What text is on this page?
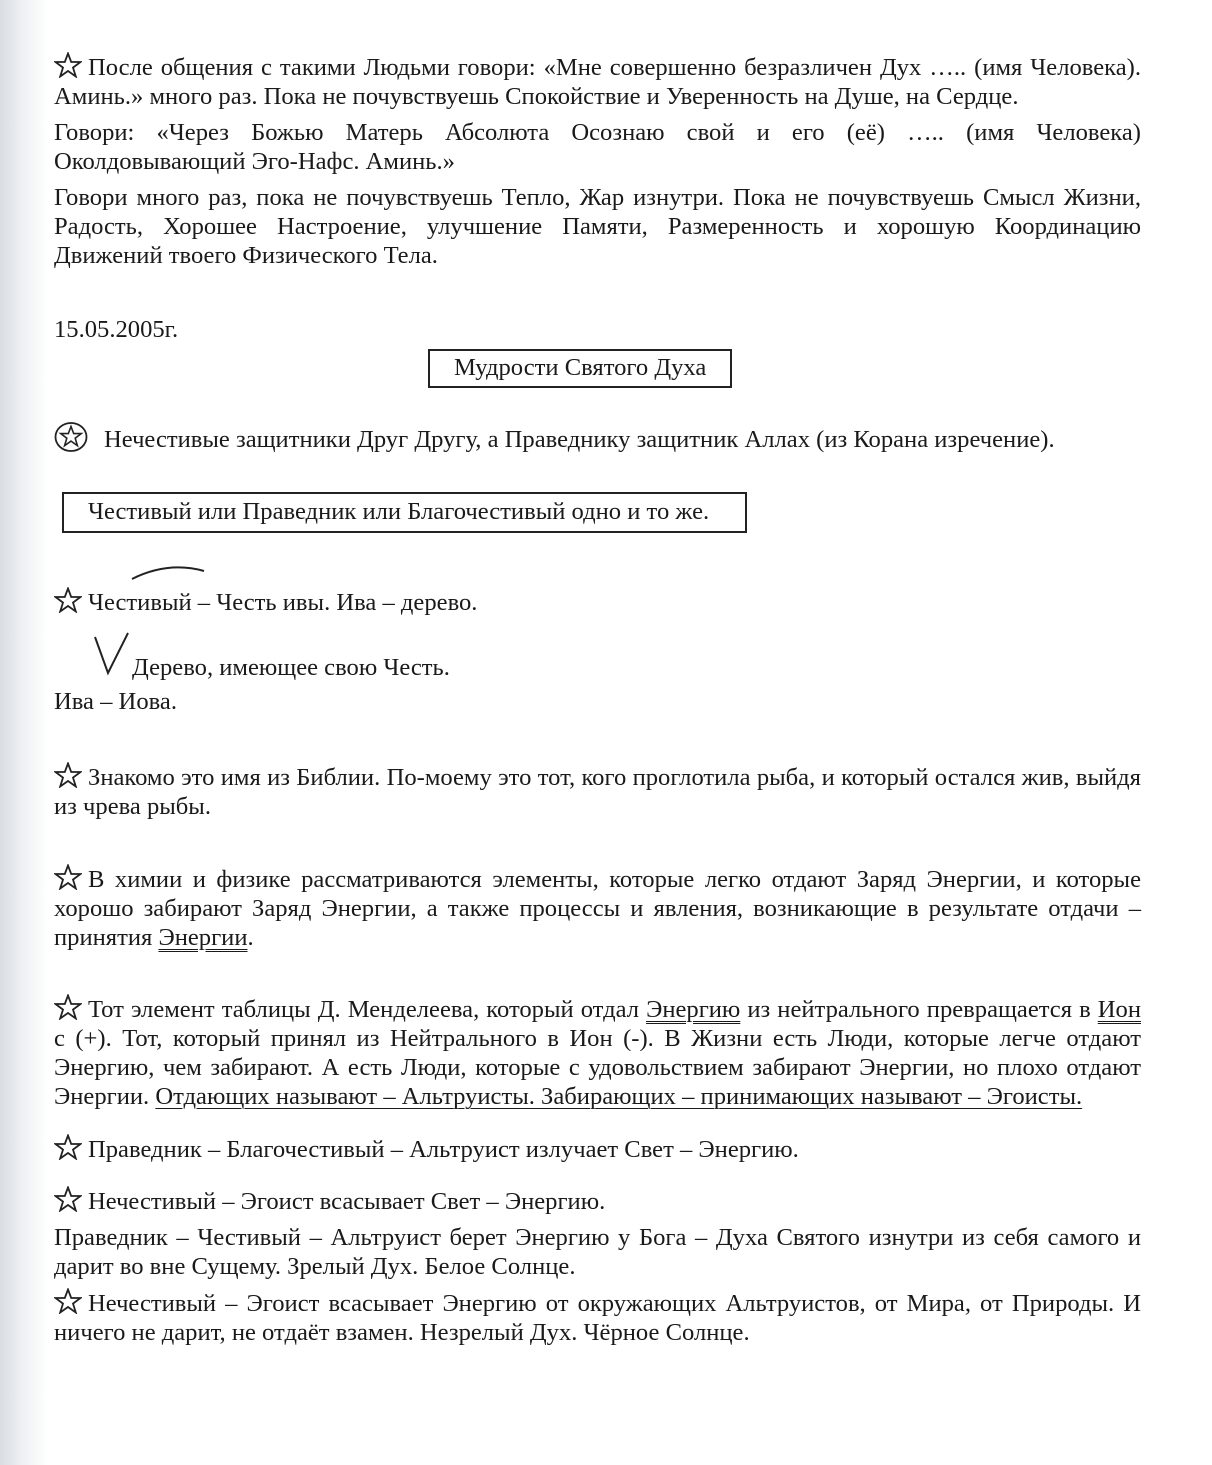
После общения с такими Людьми говори: «Мне совершенно безразличен Дух ….. (имя Человека). Аминь.» много раз. Пока не почувствуешь Спокойствие и Уверенность на Душе, на Сердце.

Говори: «Через Божью Матерь Абсолюта Осознаю свой и его (её) ….. (имя Человека) Околдовывающий Эго-Нафс. Аминь.»

Говори много раз, пока не почувствуешь Тепло, Жар изнутри. Пока не почувствуешь Смысл Жизни, Радость, Хорошее Настроение, улучшение Памяти, Размеренность и хорошую Координацию Движений твоего Физического Тела.

15.05.2005г.

Мудрости Святого Духа

Нечестивые защитники Друг Другу, а Праведнику защитник Аллах (из Корана изречение).

Честивый или Праведник или Благочестивый одно и то же.

Честивый – Честь ивы. Ива – дерево.

Дерево, имеющее свою Честь.

Ива – Иова.

Знакомо это имя из Библии. По-моему это тот, кого проглотила рыба, и который остался жив, выйдя из чрева рыбы.

В химии и физике рассматриваются элементы, которые легко отдают Заряд Энергии, и которые хорошо забирают Заряд Энергии, а также процессы и явления, возникающие в результате отдачи – принятия Энергии.

Тот элемент таблицы Д. Менделеева, который отдал Энергию из нейтрального превращается в Ион с (+). Тот, который принял из Нейтрального в Ион (-). В Жизни есть Люди, которые легче отдают Энергию, чем забирают. А есть Люди, которые с удовольствием забирают Энергии, но плохо отдают Энергии. Отдающих называют – Альтруисты. Забирающих – принимающих называют – Эгоисты.

Праведник – Благочестивый – Альтруист излучает Свет – Энергию.

Нечестивый – Эгоист всасывает Свет – Энергию.

Праведник – Честивый – Альтруист берет Энергию у Бога – Духа Святого изнутри из себя самого и дарит во вне Сущему. Зрелый Дух. Белое Солнце.

Нечестивый – Эгоист всасывает Энергию от окружающих Альтруистов, от Мира, от Природы. И ничего не дарит, не отдаёт взамен. Незрелый Дух. Чёрное Солнце.
